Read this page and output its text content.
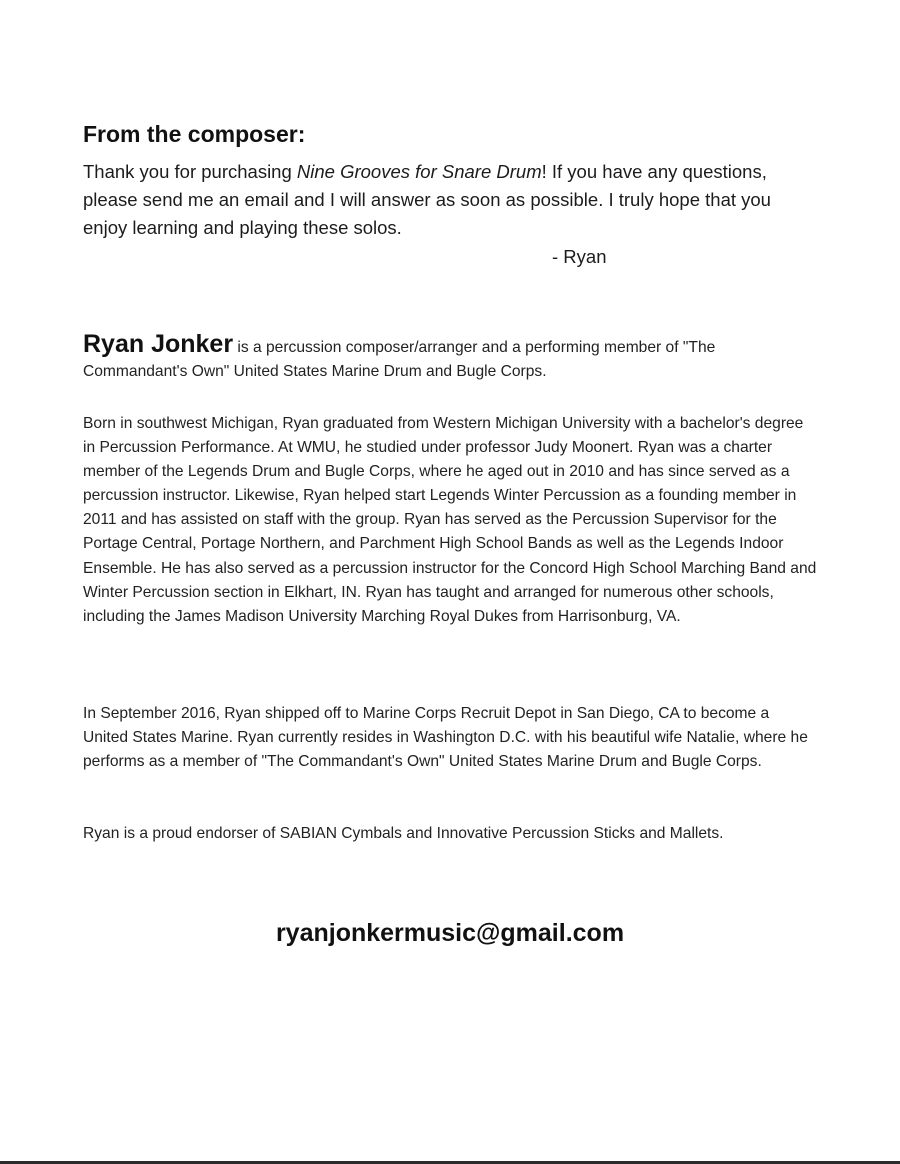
From the composer:

Thank you for purchasing Nine Grooves for Snare Drum! If you have any questions, please send me an email and I will answer as soon as possible. I truly hope that you enjoy learning and playing these solos.

- Ryan

Ryan Jonker is a percussion composer/arranger and a performing member of "The Commandant's Own" United States Marine Drum and Bugle Corps.

Born in southwest Michigan, Ryan graduated from Western Michigan University with a bachelor's degree in Percussion Performance. At WMU, he studied under professor Judy Moonert. Ryan was a charter member of the Legends Drum and Bugle Corps, where he aged out in 2010 and has since served as a percussion instructor. Likewise, Ryan helped start Legends Winter Percussion as a founding member in 2011 and has assisted on staff with the group. Ryan has served as the Percussion Supervisor for the Portage Central, Portage Northern, and Parchment High School Bands as well as the Legends Indoor Ensemble. He has also served as a percussion instructor for the Concord High School Marching Band and Winter Percussion section in Elkhart, IN. Ryan has taught and arranged for numerous other schools, including the James Madison University Marching Royal Dukes from Harrisonburg, VA.

In September 2016, Ryan shipped off to Marine Corps Recruit Depot in San Diego, CA to become a United States Marine. Ryan currently resides in Washington D.C. with his beautiful wife Natalie, where he performs as a member of "The Commandant's Own" United States Marine Drum and Bugle Corps.

Ryan is a proud endorser of SABIAN Cymbals and Innovative Percussion Sticks and Mallets.

ryanjonkermusic@gmail.com
